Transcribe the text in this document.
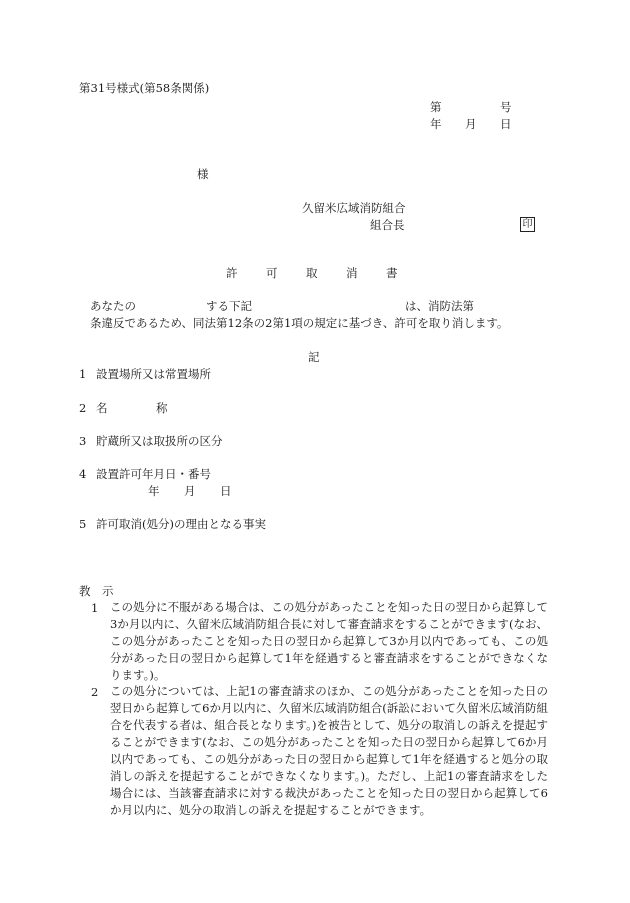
第31号様式(第58条関係)
第	号
年 月 日
様
久留米広域消防組合
組合長	印
許 可 取 消 書
あなたの	する下記	は、消防法第
条違反であるため、同法第12条の2第1項の規定に基づき、許可を取り消します。
記
1 設置場所又は常置場所
2 名	称
3 貯蔵所又は取扱所の区分
4 設置許可年月日・番号
年 月 日
5 許可取消(処分)の理由となる事実
教　示
1 この処分に不服がある場合は、この処分があったことを知った日の翌日から起算して3か月以内に、久留米広域消防組合長に対して審査請求をすることができます(なお、この処分があったことを知った日の翌日から起算して3か月以内であっても、この処分があった日の翌日から起算して1年を経過すると審査請求をすることができなくなります。)。
2 この処分については、上記1の審査請求のほか、この処分があったことを知った日の翌日から起算して6か月以内に、久留米広域消防組合(訴訟において久留米広域消防組合を代表する者は、組合長となります。)を被告として、処分の取消しの訴えを提起することができます(なお、この処分があったことを知った日の翌日から起算して6か月以内であっても、この処分があった日の翌日から起算して1年を経過すると処分の取消しの訴えを提起することができなくなります。)。ただし、上記1の審査請求をした場合には、当該審査請求に対する裁決があったことを知った日の翌日から起算して6か月以内に、処分の取消しの訴えを提起することができます。
